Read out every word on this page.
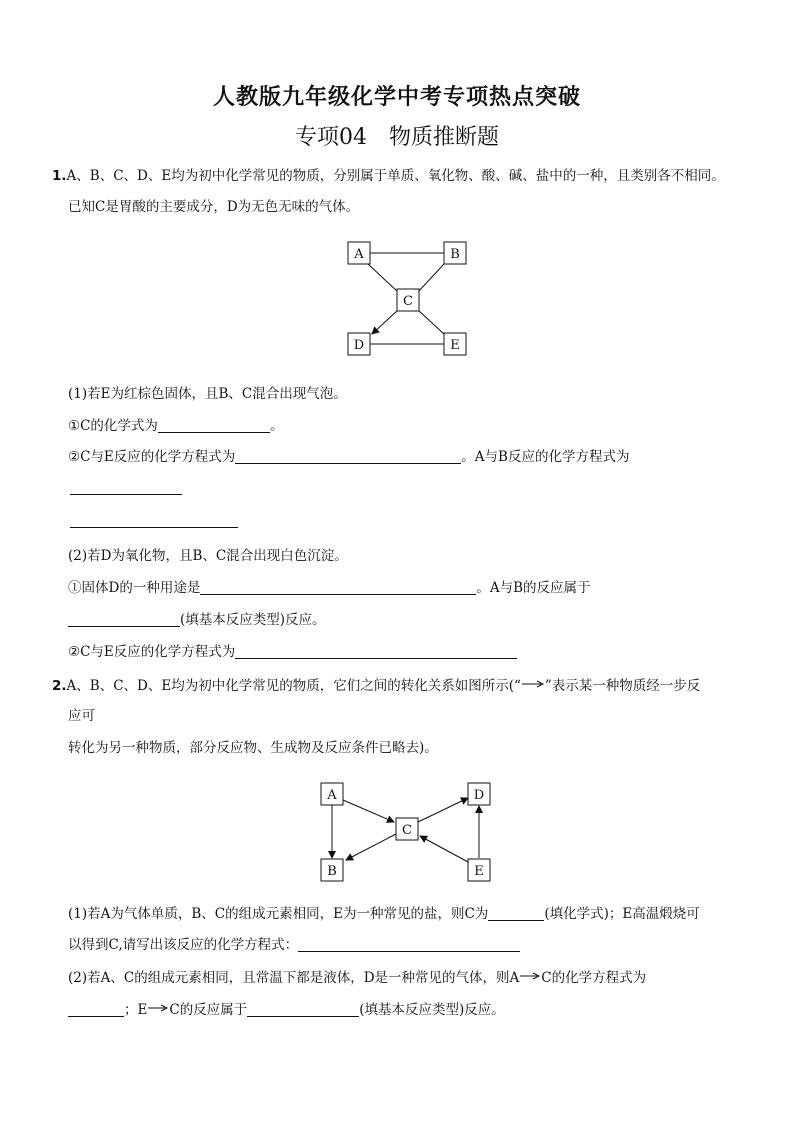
人教版九年级化学中考专项热点突破
专项04　物质推断题
1.A、B、C、D、E均为初中化学常见的物质，分别属于单质、氧化物、酸、碱、盐中的一种，且类别各不相同。
已知C是胃酸的主要成分，D为无色无味的气体。
A	B
C
D	E
(1)若E为红棕色固体，且B、C混合出现气泡。
①C的化学式为	。
②C与E反应的化学方程式为	。A与B反应的化学方程式为
(2)若D为氧化物，且B、C混合出现白色沉淀。
①固体D的一种用途是	。A与B的反应属于
(填基本反应类型)反应。
②C与E反应的化学方程式为
2.A、B、C、D、E均为初中化学常见的物质，它们之间的转化关系如图所示(“ ”表示某一种物质经一步反
应可
转化为另一种物质，部分反应物、生成物及反应条件已略去)。
A
B
C
D
E
(1)若A为气体单质，B、C的组成元素相同，E为一种常见的盐，则C为	(填化学式)；E高温煅烧可
以得到C,请写出该反应的化学方程式：
(2)若A、C的组成元素相同，且常温下都是液体，D是一种常见的气体，则A C的化学方程式为
；E C的反应属于	(填基本反应类型)反应。
